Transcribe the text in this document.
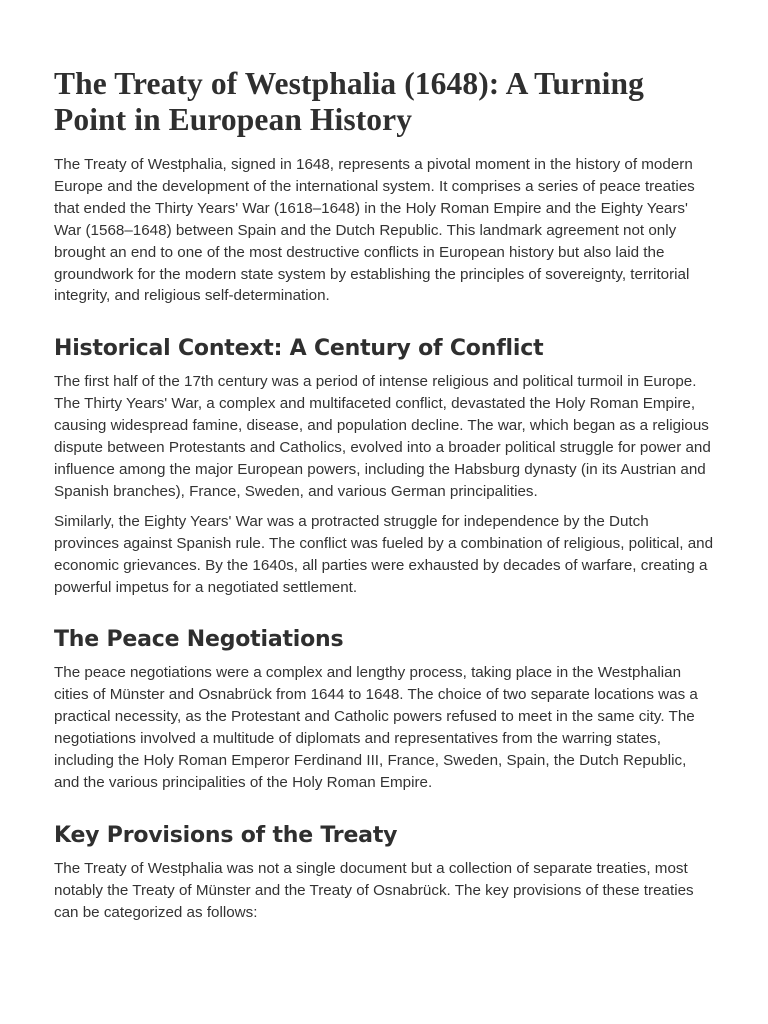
The Treaty of Westphalia (1648): A Turning Point in European History

The Treaty of Westphalia, signed in 1648, represents a pivotal moment in the history of modern Europe and the development of the international system. It comprises a series of peace treaties that ended the Thirty Years' War (1618–1648) in the Holy Roman Empire and the Eighty Years' War (1568–1648) between Spain and the Dutch Republic. This landmark agreement not only brought an end to one of the most destructive conflicts in European history but also laid the groundwork for the modern state system by establishing the principles of sovereignty, territorial integrity, and religious self-determination.

Historical Context: A Century of Conflict

The first half of the 17th century was a period of intense religious and political turmoil in Europe. The Thirty Years' War, a complex and multifaceted conflict, devastated the Holy Roman Empire, causing widespread famine, disease, and population decline. The war, which began as a religious dispute between Protestants and Catholics, evolved into a broader political struggle for power and influence among the major European powers, including the Habsburg dynasty (in its Austrian and Spanish branches), France, Sweden, and various German principalities.

Similarly, the Eighty Years' War was a protracted struggle for independence by the Dutch provinces against Spanish rule. The conflict was fueled by a combination of religious, political, and economic grievances. By the 1640s, all parties were exhausted by decades of warfare, creating a powerful impetus for a negotiated settlement.

The Peace Negotiations

The peace negotiations were a complex and lengthy process, taking place in the Westphalian cities of Münster and Osnabrück from 1644 to 1648. The choice of two separate locations was a practical necessity, as the Protestant and Catholic powers refused to meet in the same city. The negotiations involved a multitude of diplomats and representatives from the warring states, including the Holy Roman Emperor Ferdinand III, France, Sweden, Spain, the Dutch Republic, and the various principalities of the Holy Roman Empire.

Key Provisions of the Treaty

The Treaty of Westphalia was not a single document but a collection of separate treaties, most notably the Treaty of Münster and the Treaty of Osnabrück. The key provisions of these treaties can be categorized as follows:
